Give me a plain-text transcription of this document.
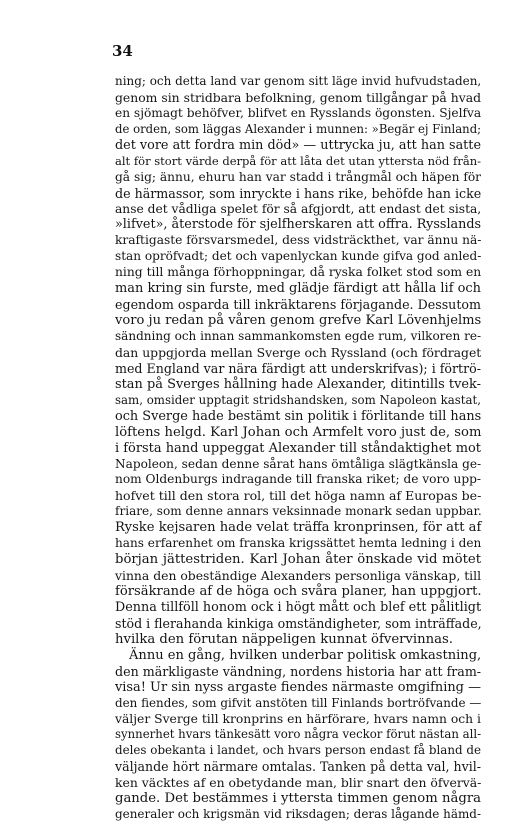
34
ning; och detta land var genom sitt läge invid hufvudstaden,
genom sin stridbara befolkning, genom tillgångar på hvad
en sjömagt behöfver, blifvet en Rysslands ögonsten. Sjelfva
de orden, som läggas Alexander i munnen: »Begär ej Finland;
det vore att fordra min död» — uttrycka ju, att han satte
alt för stort värde derpå för att låta det utan yttersta nöd från-
gå sig; ännu, ehuru han var stadd i trångmål och häpen för
de härmassor, som inryckte i hans rike, behöfde han icke
anse det vådliga spelet för så afgjordt, att endast det sista,
»lifvet», återstode för sjelfherskaren att offra. Rysslands
kraftigaste försvarsmedel, dess vidsträckthet, var ännu nä-
stan opröfvadt; det och vapenlyckan kunde gifva god anled-
ning till många förhoppningar, då ryska folket stod som en
man kring sin furste, med glädje färdigt att hålla lif och
egendom osparda till inkräktarens förjagande. Dessutom
voro ju redan på våren genom grefve Karl Lövenhjelms
sändning och innan sammankomsten egde rum, vilkoren re-
dan uppgjorda mellan Sverge och Ryssland (och fördraget
med England var nära färdigt att underskrifvas); i förtrö-
stan på Sverges hållning hade Alexander, ditintills tvek-
sam, omsider upptagit stridshandsken, som Napoleon kastat,
och Sverge hade bestämt sin politik i förlitande till hans
löftens helgd. Karl Johan och Armfelt voro just de, som
i första hand uppeggat Alexander till ståndaktighet mot
Napoleon, sedan denne sårat hans ömtåliga slägtkänsla ge-
nom Oldenburgs indragande till franska riket; de voro upp-
hofvet till den stora rol, till det höga namn af Europas be-
friare, som denne annars veksinnade monark sedan uppbar.
Ryske kejsaren hade velat träffa kronprinsen, för att af
hans erfarenhet om franska krigssättet hemta ledning i den
början jättestriden. Karl Johan åter önskade vid mötet
vinna den obeständige Alexanders personliga vänskap, till
försäkrande af de höga och svåra planer, han uppgjort.
Denna tillföll honom ock i högt mått och blef ett pålitligt
stöd i flerahanda kinkiga omständigheter, som inträffade,
hvilka den förutan näppeligen kunnat öfvervinnas.
Ännu en gång, hvilken underbar politisk omkastning,
den märkligaste vändning, nordens historia har att fram-
visa! Ur sin nyss argaste fiendes närmaste omgifning —
den fiendes, som gifvit anstöten till Finlands bortröfvande —
väljer Sverge till kronprins en härförare, hvars namn och i
synnerhet hvars tänkesätt voro några veckor förut nästan all-
deles obekanta i landet, och hvars person endast få bland de
väljande hört närmare omtalas. Tanken på detta val, hvil-
ken väcktes af en obetydande man, blir snart den öfvervä-
gande. Det bestämmes i yttersta timmen genom några
generaler och krigsmän vid riksdagen; deras lågande hämd-
